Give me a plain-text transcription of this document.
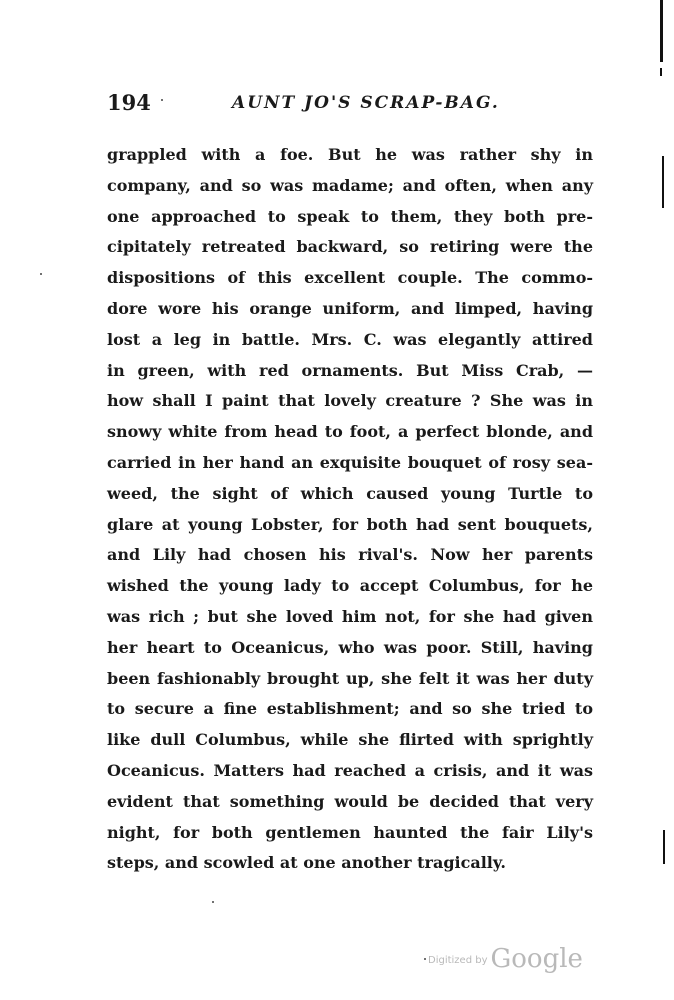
194	AUNT JO'S SCRAP-BAG.
grappled with a foe. But he was rather shy in
company, and so was madame; and often, when any
one approached to speak to them, they both pre-
cipitately retreated backward, so retiring were the
dispositions of this excellent couple. The commo-
dore wore his orange uniform, and limped, having
lost a leg in battle. Mrs. C. was elegantly attired
in green, with red ornaments. But Miss Crab, —
how shall I paint that lovely creature ? She was in
snowy white from head to foot, a perfect blonde, and
carried in her hand an exquisite bouquet of rosy sea-
weed, the sight of which caused young Turtle to
glare at young Lobster, for both had sent bouquets,
and Lily had chosen his rival's. Now her parents
wished the young lady to accept Columbus, for he
was rich ; but she loved him not, for she had given
her heart to Oceanicus, who was poor. Still, having
been fashionably brought up, she felt it was her duty
to secure a fine establishment; and so she tried to
like dull Columbus, while she flirted with sprightly
Oceanicus. Matters had reached a crisis, and it was
evident that something would be decided that very
night, for both gentlemen haunted the fair Lily's
steps, and scowled at one another tragically.
$^{Digitized by}$ Google
